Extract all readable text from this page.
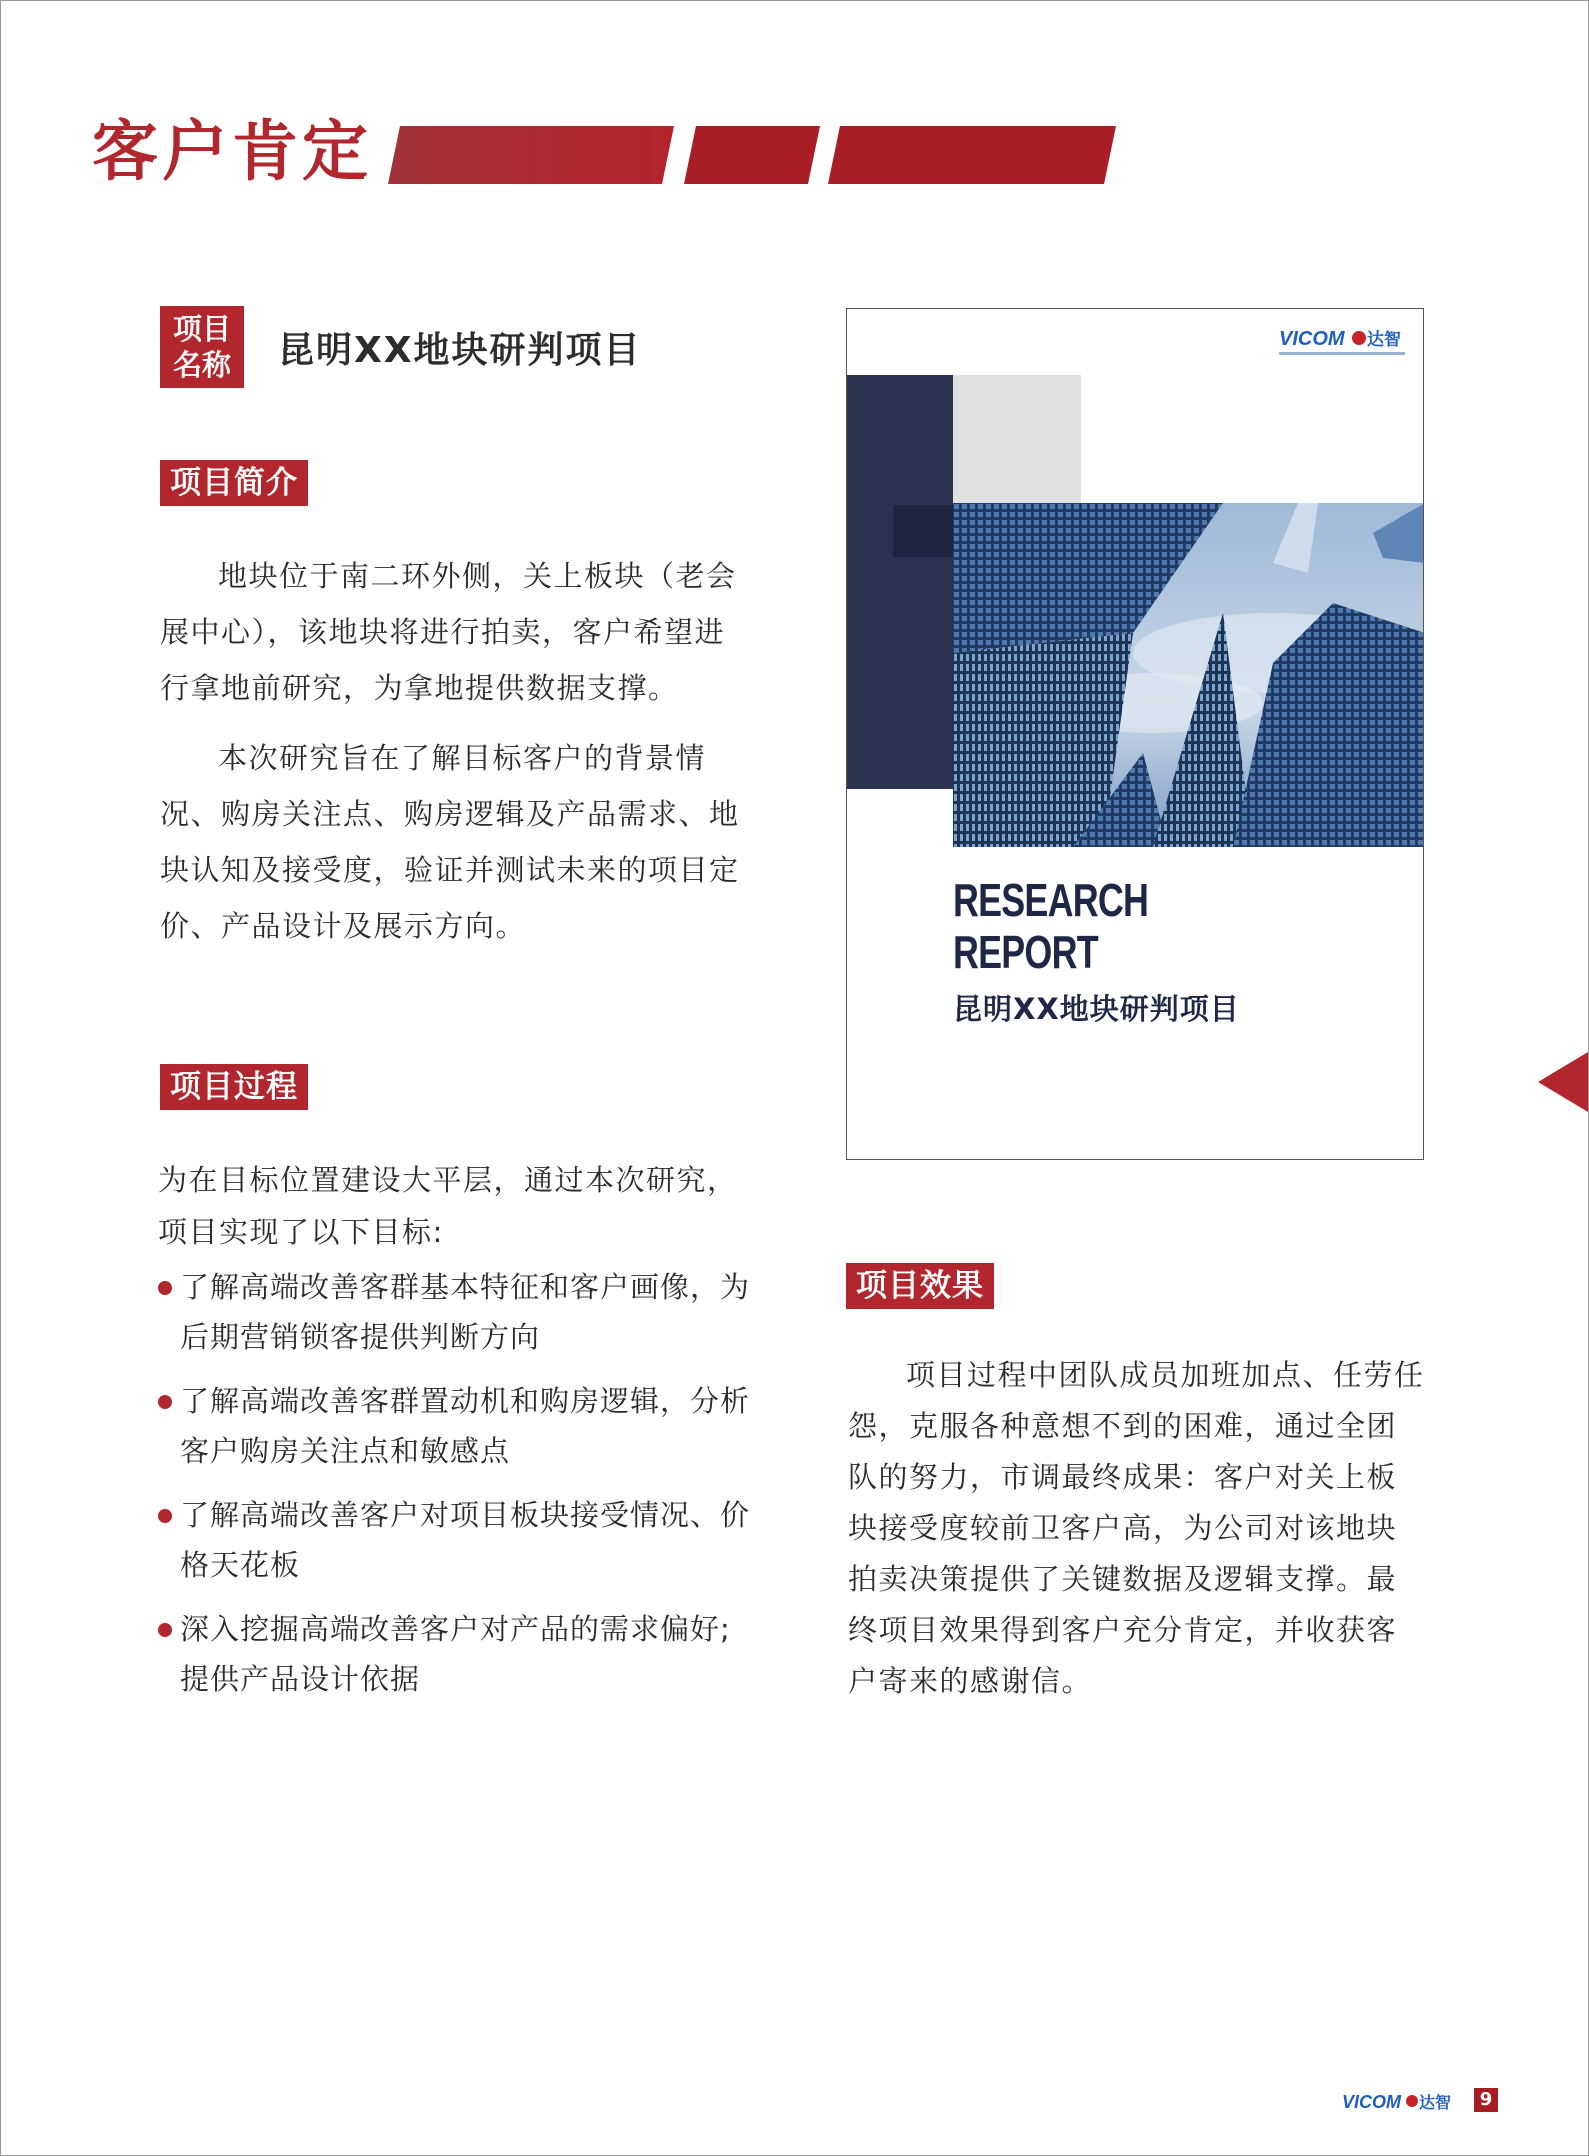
客户肯定
项目
名称	昆明XX地块研判项目
项目简介

地块位于南二环外侧，关上板块（老会展中心），该地块将进行拍卖，客户希望进行拿地前研究，为拿地提供数据支撑。

本次研究旨在了解目标客户的背景情况、购房关注点、购房逻辑及产品需求、地块认知及接受度，验证并测试未来的项目定价、产品设计及展示方向。

项目过程

为在目标位置建设大平层，通过本次研究，项目实现了以下目标:

了解高端改善客群基本特征和客户画像，为后期营销锁客提供判断方向
了解高端改善客群置动机和购房逻辑，分析客户购房关注点和敏感点
了解高端改善客户对项目板块接受情况、价格天花板
深入挖掘高端改善客户对产品的需求偏好;提供产品设计依据
VICOM 达智
RESEARCH
REPORT
昆明XX地块研判项目
项目效果

项目过程中团队成员加班加点、任劳任怨，克服各种意想不到的困难，通过全团队的努力，市调最终成果：客户对关上板块接受度较前卫客户高，为公司对该地块拍卖决策提供了关键数据及逻辑支撑。最终项目效果得到客户充分肯定，并收获客户寄来的感谢信。

VICOM 达智	9
